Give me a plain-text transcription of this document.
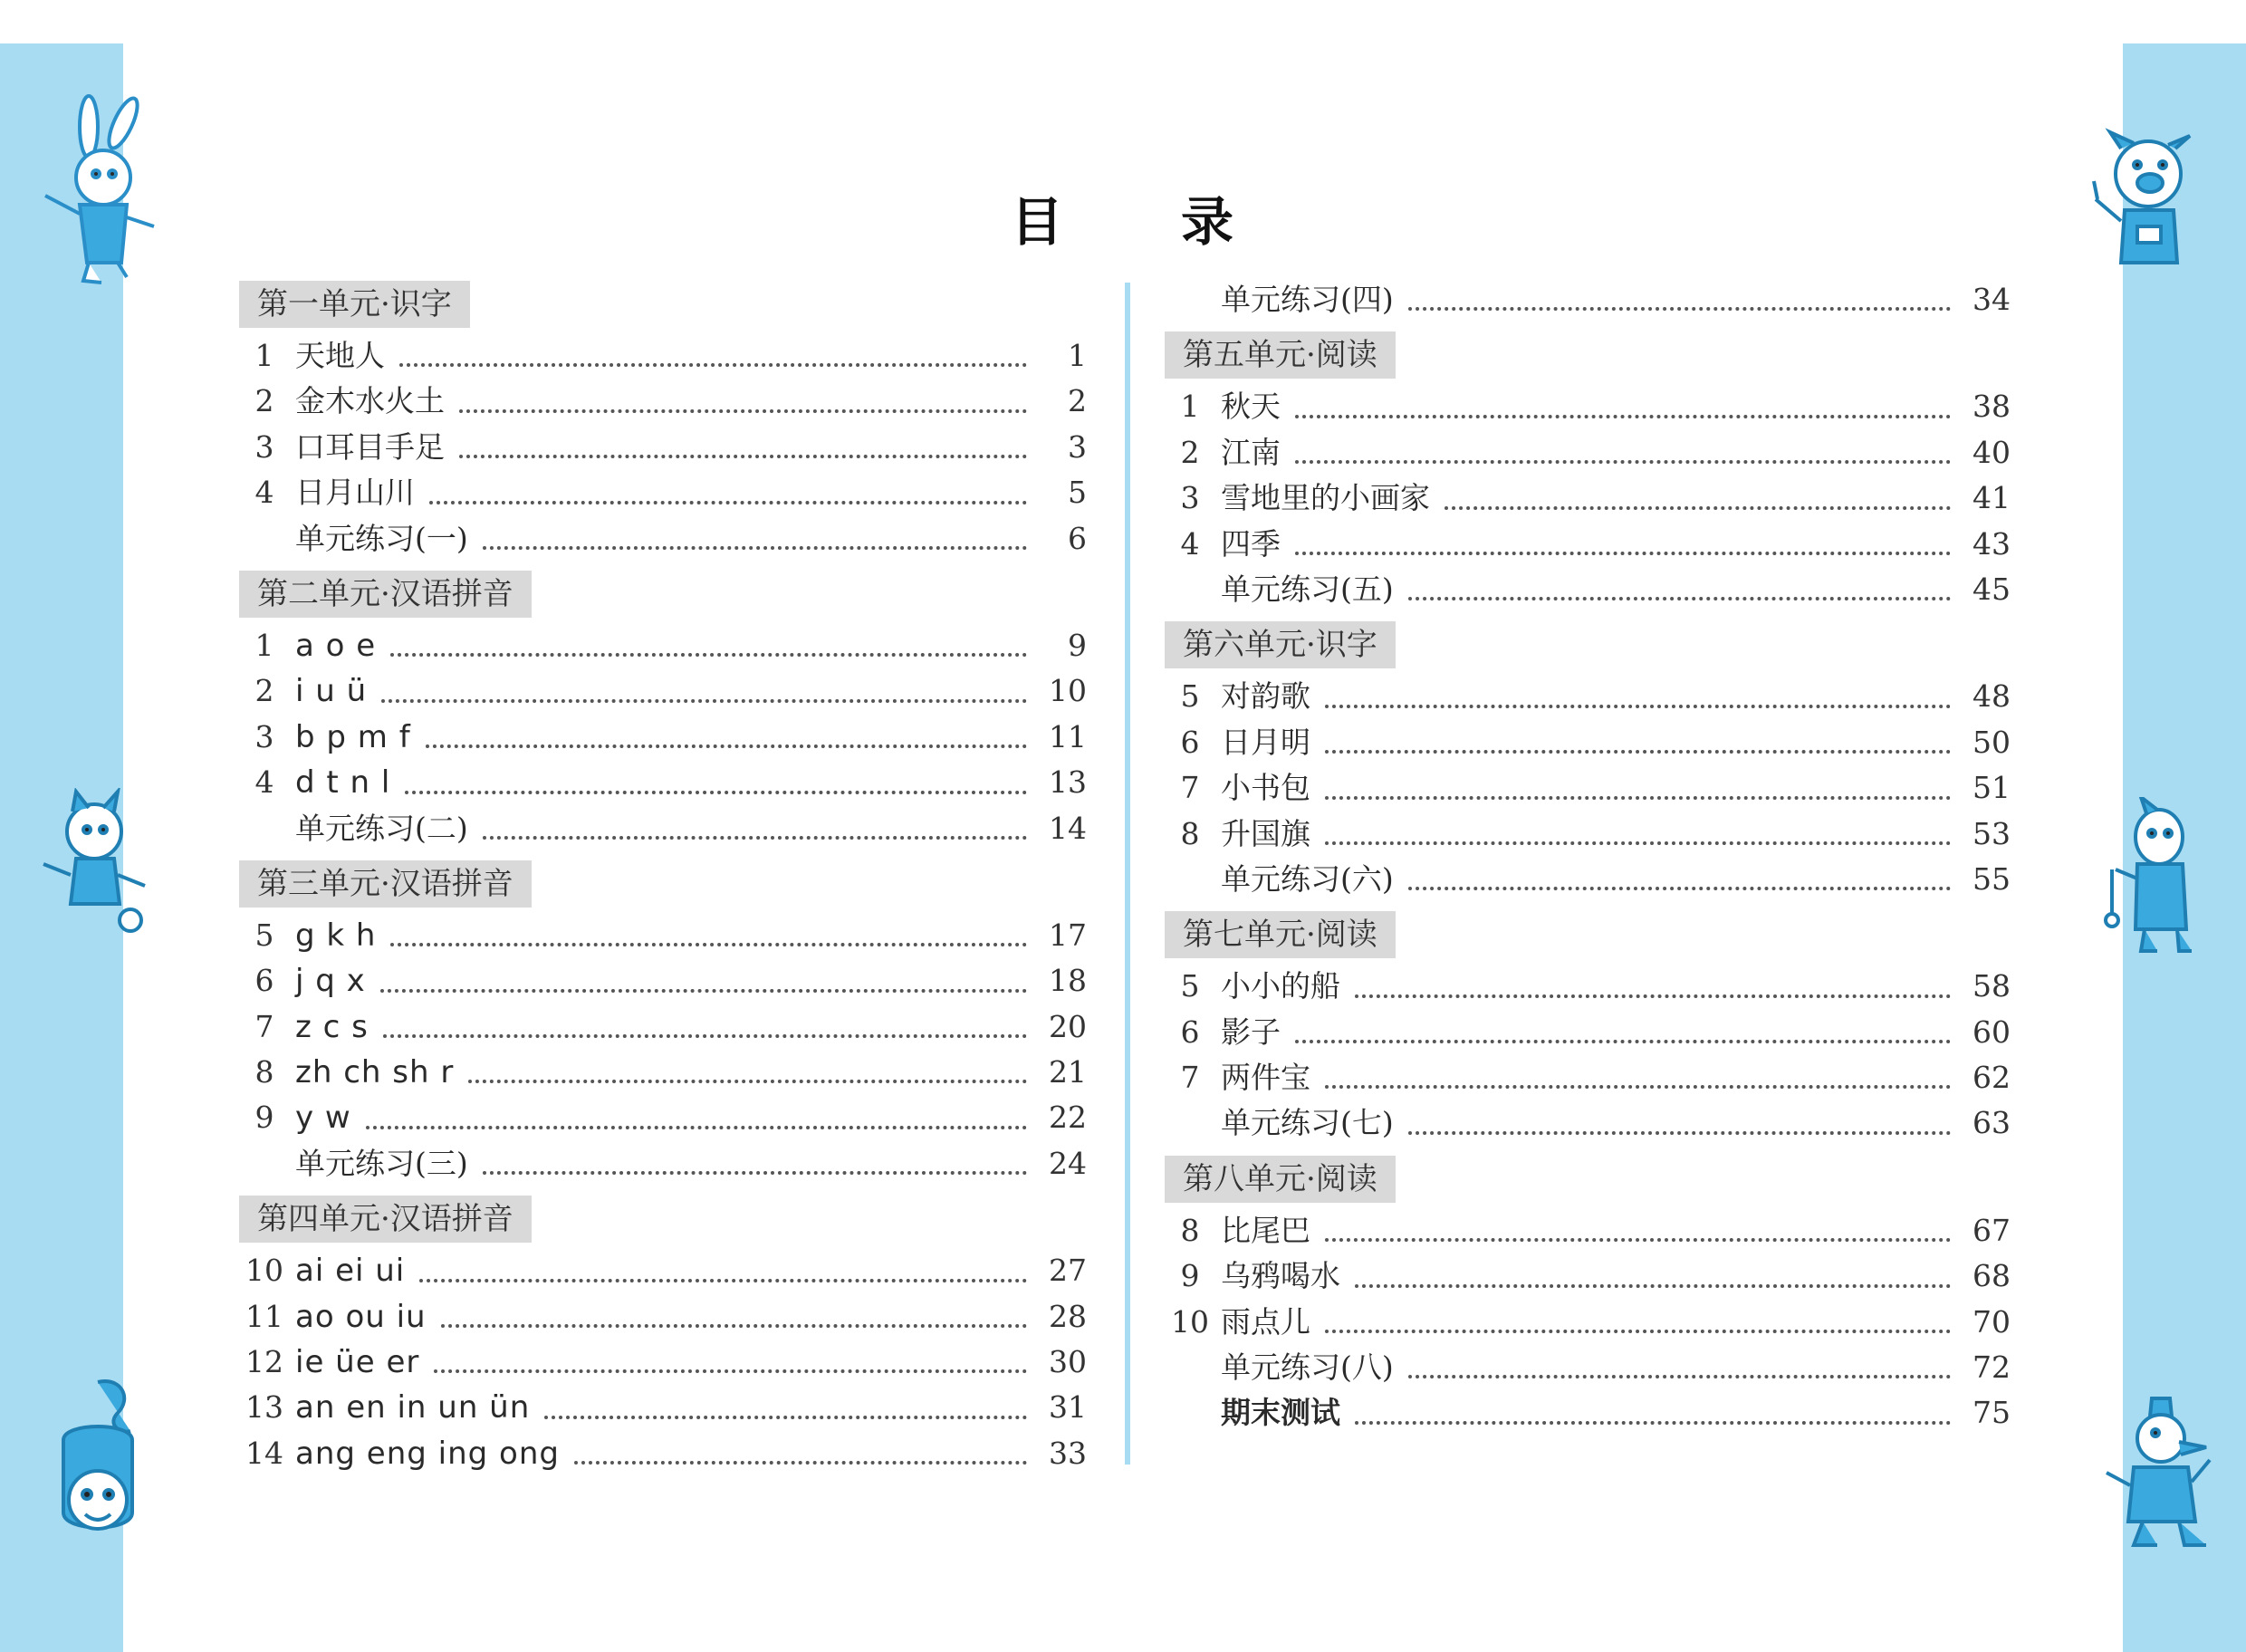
目 录
第一单元·识字
1 天地人	1
2 金木水火土	2
3 口耳目手足	3
4 日月山川	5
单元练习(一)	6
第二单元·汉语拼音
1 a o e	9
2 i u ü	10
3 b p m f	11
4 d t n l	13
单元练习(二)	14
第三单元·汉语拼音
5 g k h	17
6 j q x	18
7 z c s	20
8 zh ch sh r	21
9 y w	22
单元练习(三)	24
第四单元·汉语拼音
10 ai ei ui	27
11 ao ou iu	28
12 ie üe er	30
13 an en in un ün	31
14 ang eng ing ong	33
单元练习(四)	34
第五单元·阅读
1 秋天	38
2 江南	40
3 雪地里的小画家	41
4 四季	43
单元练习(五)	45
第六单元·识字
5 对韵歌	48
6 日月明	50
7 小书包	51
8 升国旗	53
单元练习(六)	55
第七单元·阅读
5 小小的船	58
6 影子	60
7 两件宝	62
单元练习(七)	63
第八单元·阅读
8 比尾巴	67
9 乌鸦喝水	68
10 雨点儿	70
单元练习(八)	72
期末测试	75
